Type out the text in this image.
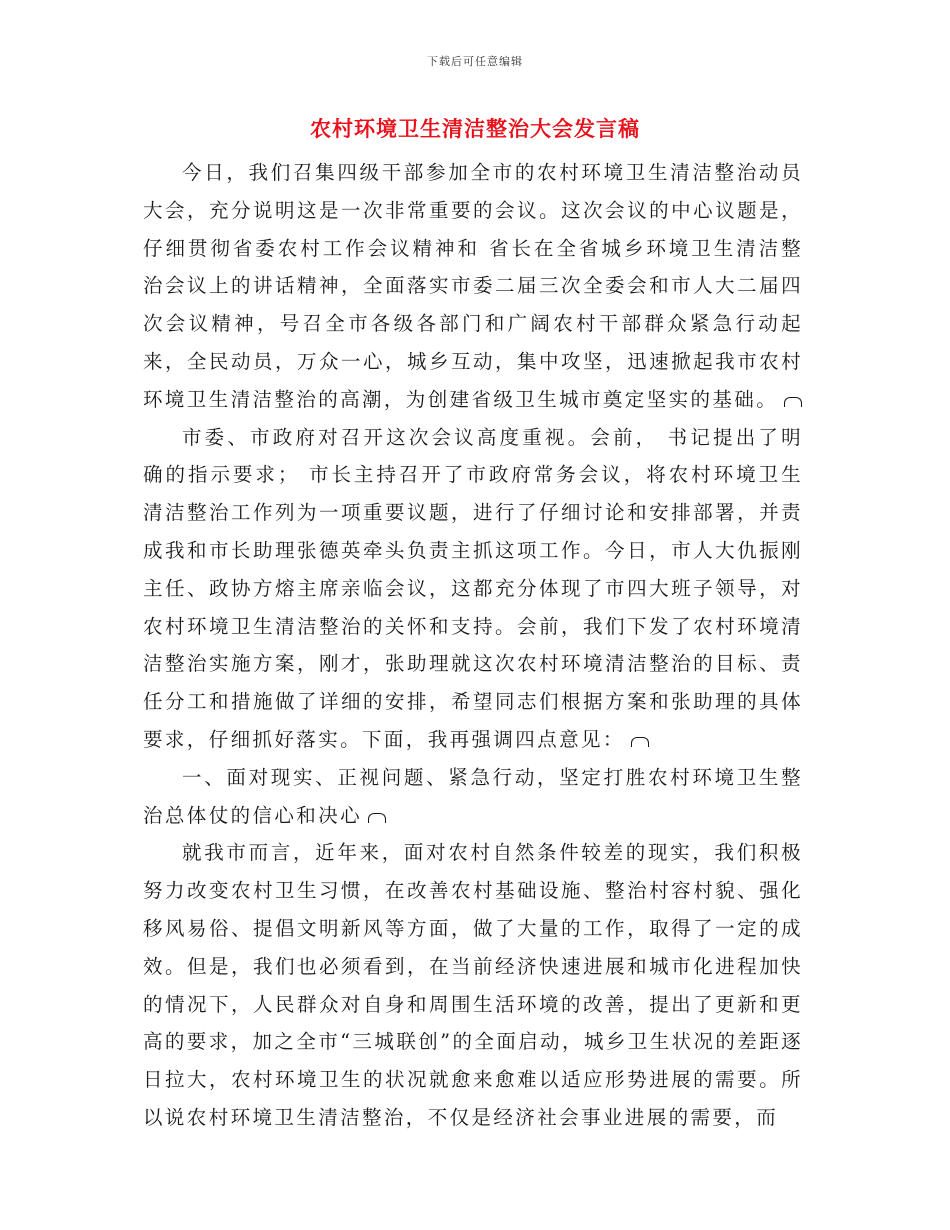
下载后可任意编辑
农村环境卫生清洁整治大会发言稿

今日，我们召集四级干部参加全市的农村环境卫生清洁整治动员大会，充分说明这是一次非常重要的会议。这次会议的中心议题是，仔细贯彻省委农村工作会议精神和 省长在全省城乡环境卫生清洁整治会议上的讲话精神，全面落实市委二届三次全委会和市人大二届四次会议精神，号召全市各级各部门和广阔农村干部群众紧急行动起来，全民动员，万众一心，城乡互动，集中攻坚，迅速掀起我市农村环境卫生清洁整治的高潮，为创建省级卫生城市奠定坚实的基础。

市委、市政府对召开这次会议高度重视。会前， 书记提出了明确的指示要求； 市长主持召开了市政府常务会议，将农村环境卫生清洁整治工作列为一项重要议题，进行了仔细讨论和安排部署，并责成我和市长助理张德英牵头负责主抓这项工作。今日，市人大仇振刚主任、政协方熔主席亲临会议，这都充分体现了市四大班子领导，对农村环境卫生清洁整治的关怀和支持。会前，我们下发了农村环境清洁整治实施方案，刚才，张助理就这次农村环境清洁整治的目标、责任分工和措施做了详细的安排，希望同志们根据方案和张助理的具体要求，仔细抓好落实。下面，我再强调四点意见：

一、面对现实、正视问题、紧急行动，坚定打胜农村环境卫生整治总体仗的信心和决心

就我市而言，近年来，面对农村自然条件较差的现实，我们积极努力改变农村卫生习惯，在改善农村基础设施、整治村容村貌、强化移风易俗、提倡文明新风等方面，做了大量的工作，取得了一定的成效。但是，我们也必须看到，在当前经济快速进展和城市化进程加快的情况下，人民群众对自身和周围生活环境的改善，提出了更新和更高的要求，加之全市“三城联创”的全面启动，城乡卫生状况的差距逐日拉大，农村环境卫生的状况就愈来愈难以适应形势进展的需要。所以说农村环境卫生清洁整治，不仅是经济社会事业进展的需要，而
